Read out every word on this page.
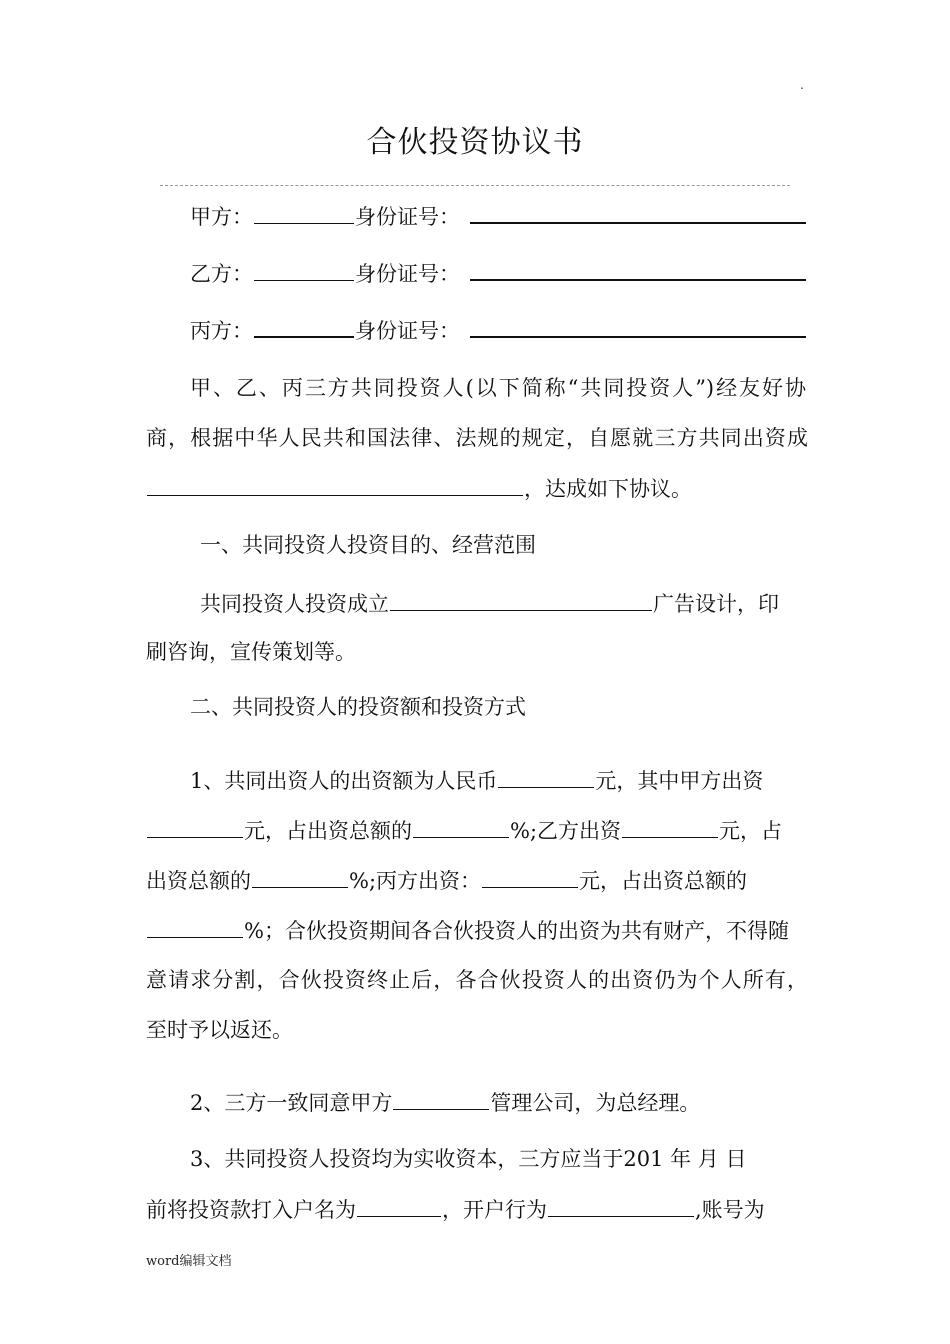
.
合伙投资协议书
甲方：	身份证号：
乙方：	身份证号：
丙方：	身份证号：
甲、乙、丙三方共同投资人(以下简称“共同投资人”)经友好协
商，根据中华人民共和国法律、法规的规定，自愿就三方共同出资成
，达成如下协议。
一、共同投资人投资目的、经营范围
共同投资人投资成立	广告设计，印
刷咨询，宣传策划等。
二、共同投资人的投资额和投资方式
1、共同出资人的出资额为人民币	元，其中甲方出资
元，占出资总额的	%;乙方出资	元，占
出资总额的	%;丙方出资：	元，占出资总额的
%；合伙投资期间各合伙投资人的出资为共有财产，不得随
意请求分割，合伙投资终止后，各合伙投资人的出资仍为个人所有，
至时予以返还。
2、三方一致同意甲方	管理公司，为总经理。
3、共同投资人投资均为实收资本，三方应当于201 年 月 日
前将投资款打入户名为	，开户行为	,账号为
word编辑文档
